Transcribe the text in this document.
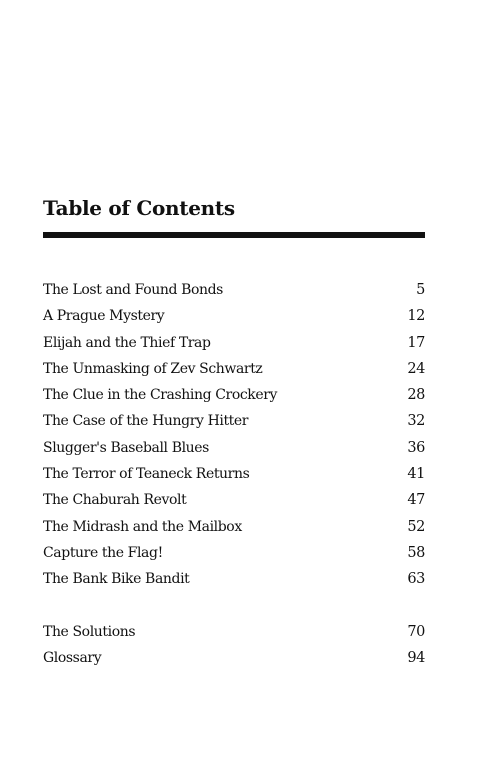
Table of Contents
The Lost and Found Bonds	5
A Prague Mystery	12
Elijah and the Thief Trap	17
The Unmasking of Zev Schwartz	24
The Clue in the Crashing Crockery	28
The Case of the Hungry Hitter	32
Slugger's Baseball Blues	36
The Terror of Teaneck Returns	41
The Chaburah Revolt	47
The Midrash and the Mailbox	52
Capture the Flag!	58
The Bank Bike Bandit	63
The Solutions	70
Glossary	94
